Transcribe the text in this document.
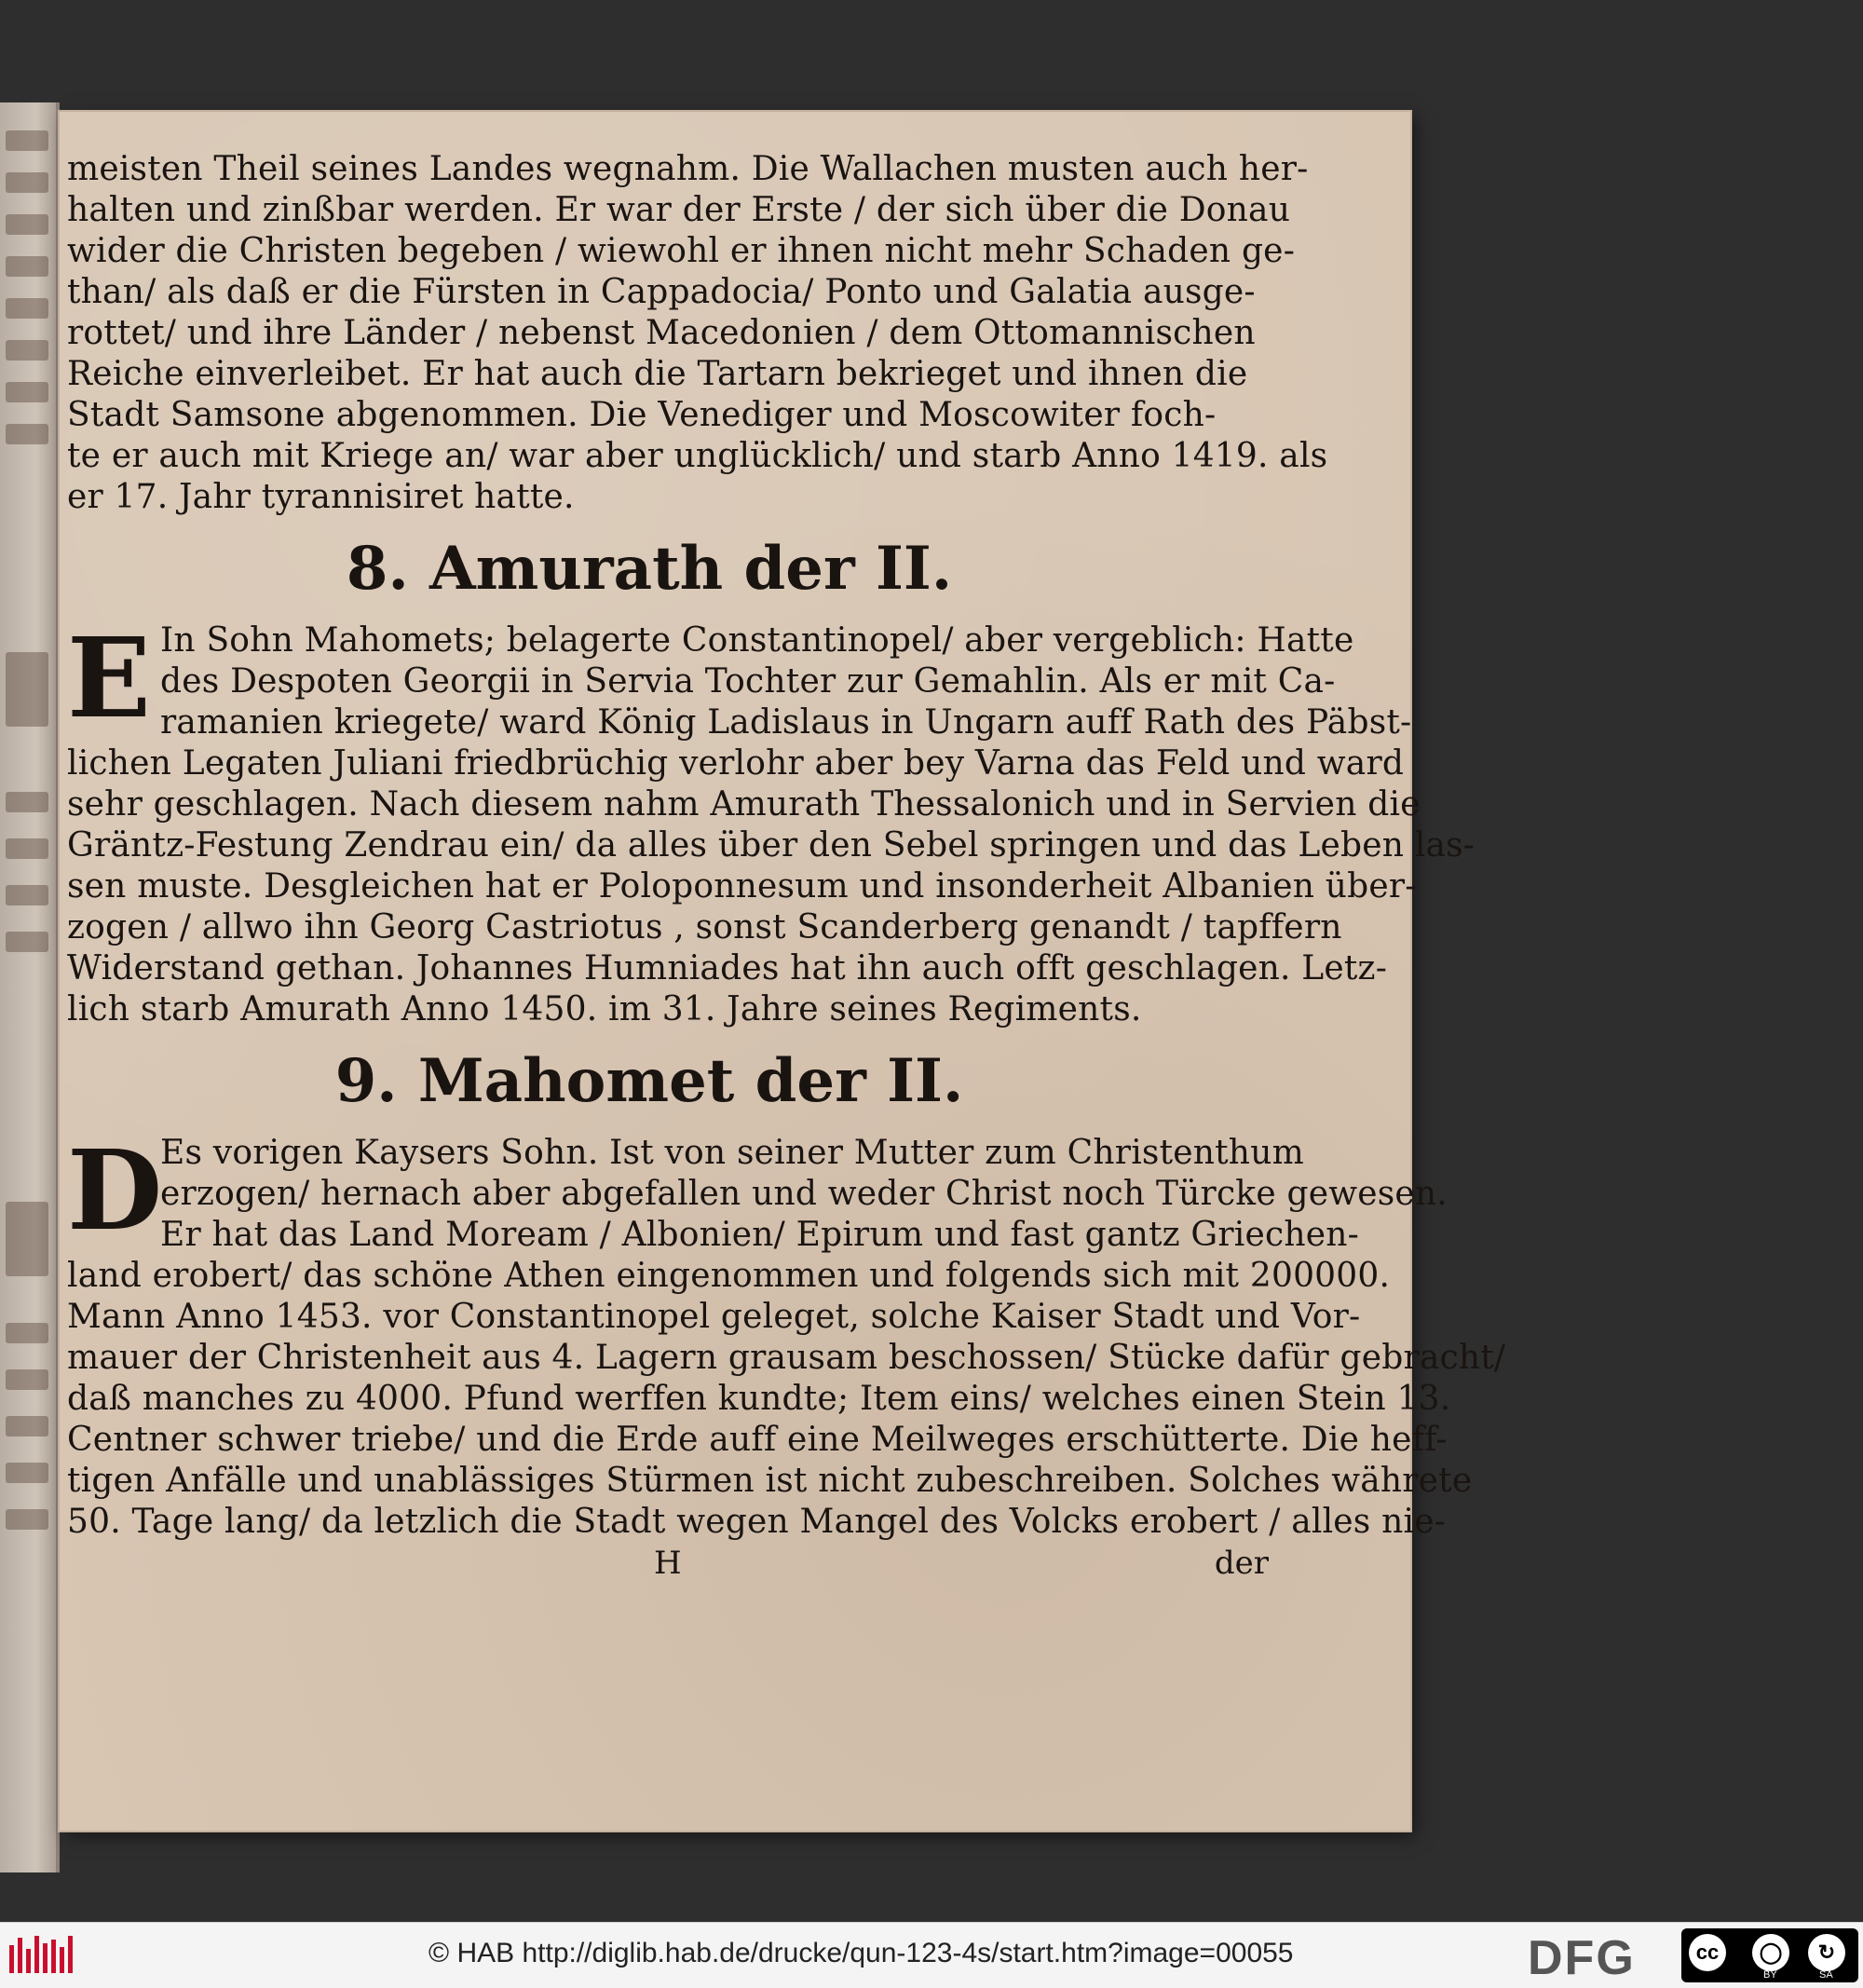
meisten Theil seines Landes wegnahm. Die Wallachen musten auch her-
halten und zinßbar werden. Er war der Erste / der sich über die Donau
wider die Christen begeben / wiewohl er ihnen nicht mehr Schaden ge-
than/ als daß er die Fürsten in Cappadocia/ Ponto und Galatia ausge-
rottet/ und ihre Länder / nebenst Macedonien / dem Ottomannischen
Reiche einverleibet. Er hat auch die Tartarn bekrieget und ihnen die
Stadt Samsone abgenommen. Die Venediger und Moscowiter foch-
te er auch mit Kriege an/ war aber unglücklich/ und starb Anno 1419. als
er 17. Jahr tyrannisiret hatte.
8. Amurath der II.
E In Sohn Mahomets; belagerte Constantinopel/ aber vergeblich: Hatte
des Despoten Georgii in Servia Tochter zur Gemahlin. Als er mit Ca-
ramanien kriegete/ ward König Ladislaus in Ungarn auff Rath des Päbst-
lichen Legaten Juliani friedbrüchig verlohr aber bey Varna das Feld und ward
sehr geschlagen. Nach diesem nahm Amurath Thessalonich und in Servien die
Gräntz-Festung Zendrau ein/ da alles über den Sebel springen und das Leben las-
sen muste. Desgleichen hat er Poloponnesum und insonderheit Albanien über-
zogen / allwo ihn Georg Castriotus , sonst Scanderberg genandt / tapffern
Widerstand gethan. Johannes Humniades hat ihn auch offt geschlagen. Letz-
lich starb Amurath Anno 1450. im 31. Jahre seines Regiments.
9. Mahomet der II.
D
Es vorigen Kaysers Sohn. Ist von seiner Mutter zum Christenthum
erzogen/ hernach aber abgefallen und weder Christ noch Türcke gewesen.
Er hat das Land Moream / Albonien/ Epirum und fast gantz Griechen-
land erobert/ das schöne Athen eingenommen und folgends sich mit 200000.
Mann Anno 1453. vor Constantinopel geleget, solche Kaiser Stadt und Vor-
mauer der Christenheit aus 4. Lagern grausam beschossen/ Stücke dafür gebracht/
daß manches zu 4000. Pfund werffen kundte; Item eins/ welches einen Stein 13.
Centner schwer triebe/ und die Erde auff eine Meilweges erschütterte. Die heff-
tigen Anfälle und unablässiges Stürmen ist nicht zubeschreiben. Solches währete
50. Tage lang/ da letzlich die Stadt wegen Mangel des Volcks erobert / alles nie-
H	der
© HAB http://diglib.hab.de/drucke/qun-123-4s/start.htm?image=00055	DFG	cc	◯	↻
BY	SA
